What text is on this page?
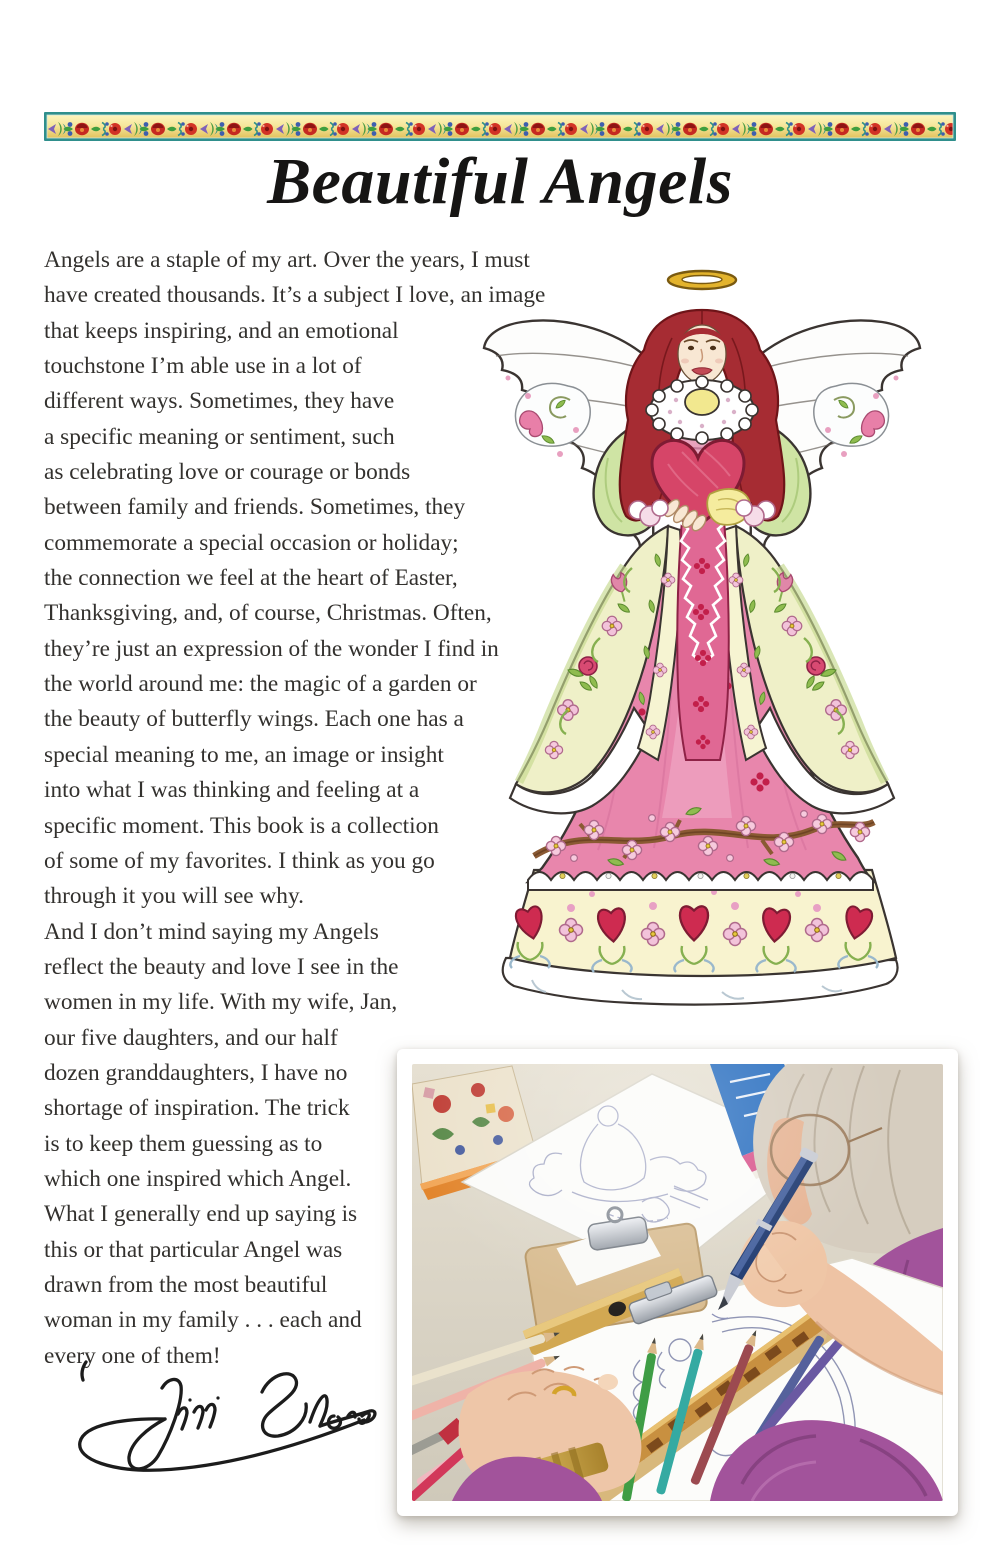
Beautiful Angels
Angels are a staple of my art. Over the years, I must
have created thousands. It’s a subject I love, an image
that keeps inspiring, and an emotional
touchstone I’m able use in a lot of
different ways. Sometimes, they have
a specific meaning or sentiment, such
as celebrating love or courage or bonds
between family and friends. Sometimes, they
commemorate a special occasion or holiday;
the connection we feel at the heart of Easter,
Thanksgiving, and, of course, Christmas. Often,
they’re just an expression of the wonder I find in
the world around me: the magic of a garden or
the beauty of butterfly wings. Each one has a
special meaning to me, an image or insight
into what I was thinking and feeling at a
specific moment. This book is a collection
of some of my favorites. I think as you go
through it you will see why.
And I don’t mind saying my Angels
reflect the beauty and love I see in the
women in my life. With my wife, Jan,
our five daughters, and our half
dozen granddaughters, I have no
shortage of inspiration. The trick
is to keep them guessing as to
which one inspired which Angel.
What I generally end up saying is
this or that particular Angel was
drawn from the most beautiful
woman in my family . . . each and
every one of them!
